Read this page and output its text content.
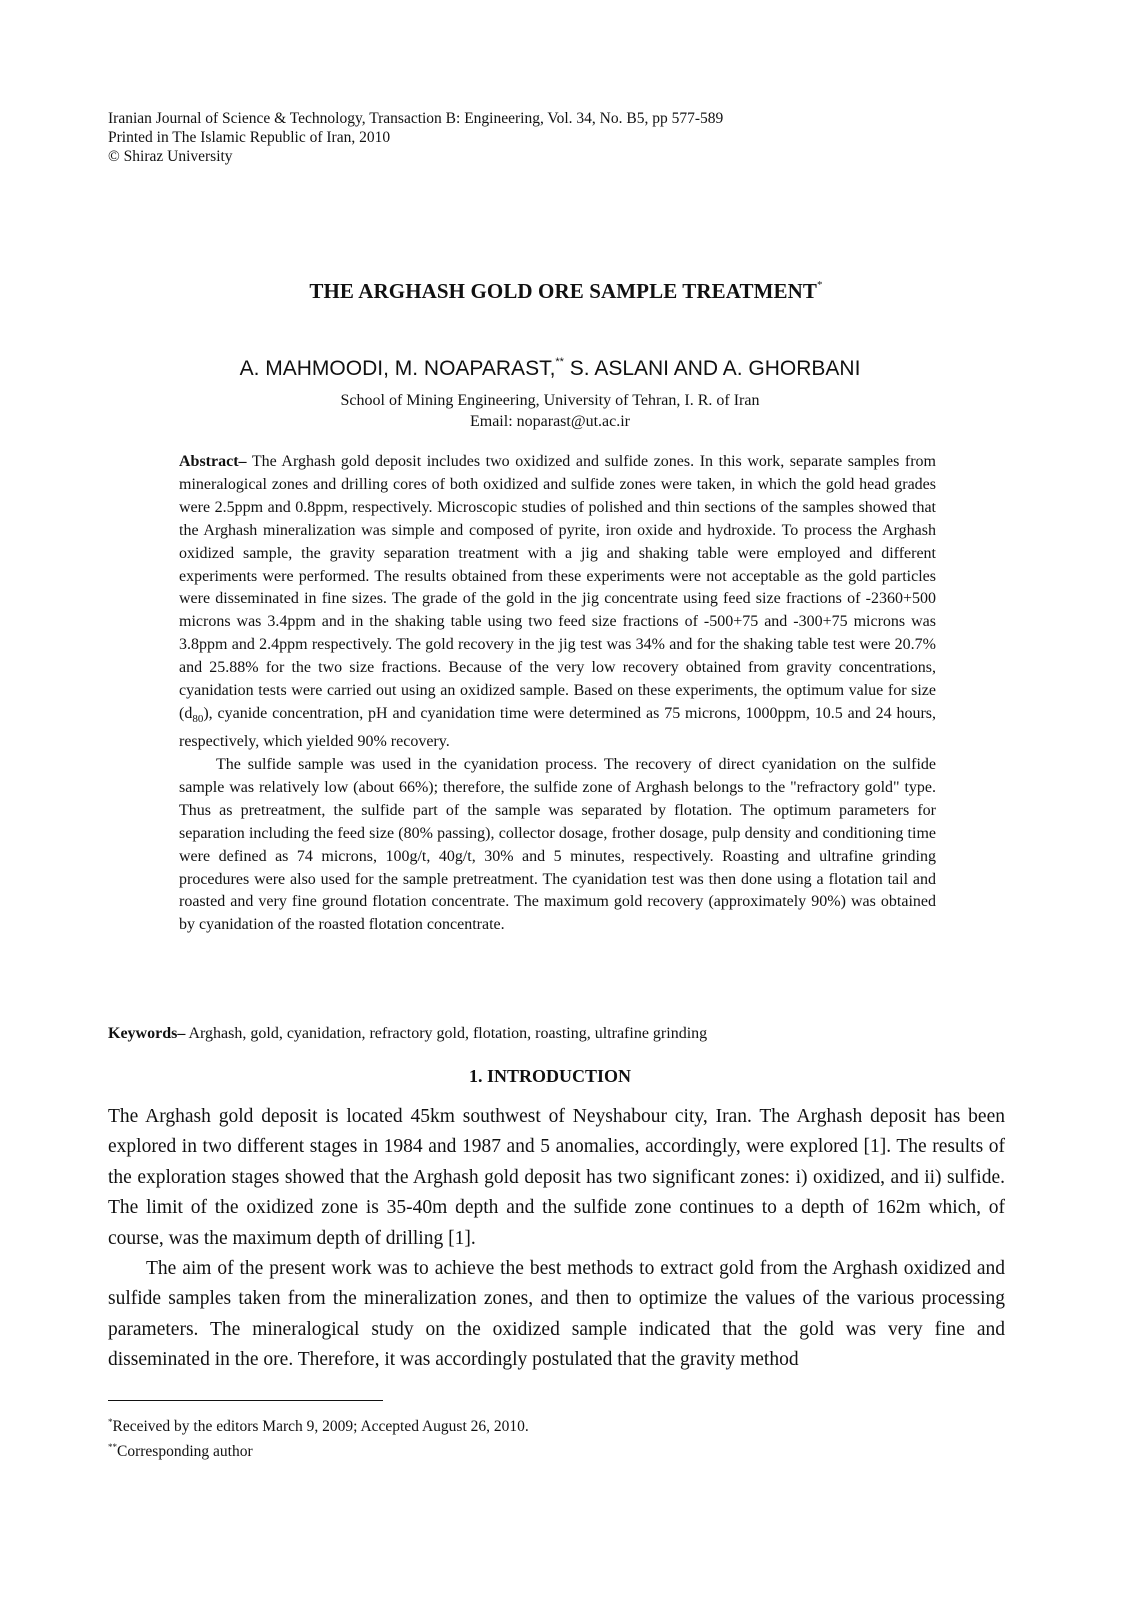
Iranian Journal of Science & Technology, Transaction B: Engineering, Vol. 34, No. B5, pp 577-589
Printed in The Islamic Republic of Iran, 2010
© Shiraz University
THE ARGHASH GOLD ORE SAMPLE TREATMENT*
A. MAHMOODI, M. NOAPARAST,** S. ASLANI AND A. GHORBANI
School of Mining Engineering, University of Tehran, I. R. of Iran
Email: noparast@ut.ac.ir

Abstract– The Arghash gold deposit includes two oxidized and sulfide zones. In this work, separate samples from mineralogical zones and drilling cores of both oxidized and sulfide zones were taken, in which the gold head grades were 2.5ppm and 0.8ppm, respectively. Microscopic studies of polished and thin sections of the samples showed that the Arghash mineralization was simple and composed of pyrite, iron oxide and hydroxide. To process the Arghash oxidized sample, the gravity separation treatment with a jig and shaking table were employed and different experiments were performed. The results obtained from these experiments were not acceptable as the gold particles were disseminated in fine sizes. The grade of the gold in the jig concentrate using feed size fractions of -2360+500 microns was 3.4ppm and in the shaking table using two feed size fractions of -500+75 and -300+75 microns was 3.8ppm and 2.4ppm respectively. The gold recovery in the jig test was 34% and for the shaking table test were 20.7% and 25.88% for the two size fractions. Because of the very low recovery obtained from gravity concentrations, cyanidation tests were carried out using an oxidized sample. Based on these experiments, the optimum value for size $(d_{80})$, cyanide concentration, pH and cyanidation time were determined as 75 microns, 1000ppm, 10.5 and 24 hours, respectively, which yielded 90% recovery.

The sulfide sample was used in the cyanidation process. The recovery of direct cyanidation on the sulfide sample was relatively low (about 66%); therefore, the sulfide zone of Arghash belongs to the "refractory gold" type. Thus as pretreatment, the sulfide part of the sample was separated by flotation. The optimum parameters for separation including the feed size (80% passing), collector dosage, frother dosage, pulp density and conditioning time were defined as 74 microns, 100g/t, 40g/t, 30% and 5 minutes, respectively. Roasting and ultrafine grinding procedures were also used for the sample pretreatment. The cyanidation test was then done using a flotation tail and roasted and very fine ground flotation concentrate. The maximum gold recovery (approximately 90%) was obtained by cyanidation of the roasted flotation concentrate.

Keywords– Arghash, gold, cyanidation, refractory gold, flotation, roasting, ultrafine grinding
1. INTRODUCTION

The Arghash gold deposit is located 45km southwest of Neyshabour city, Iran. The Arghash deposit has been explored in two different stages in 1984 and 1987 and 5 anomalies, accordingly, were explored [1]. The results of the exploration stages showed that the Arghash gold deposit has two significant zones: i) oxidized, and ii) sulfide. The limit of the oxidized zone is 35-40m depth and the sulfide zone continues to a depth of 162m which, of course, was the maximum depth of drilling [1].

The aim of the present work was to achieve the best methods to extract gold from the Arghash oxidized and sulfide samples taken from the mineralization zones, and then to optimize the values of the various processing parameters. The mineralogical study on the oxidized sample indicated that the gold was very fine and disseminated in the ore. Therefore, it was accordingly postulated that the gravity method

*Received by the editors March 9, 2009; Accepted August 26, 2010.
**Corresponding author
